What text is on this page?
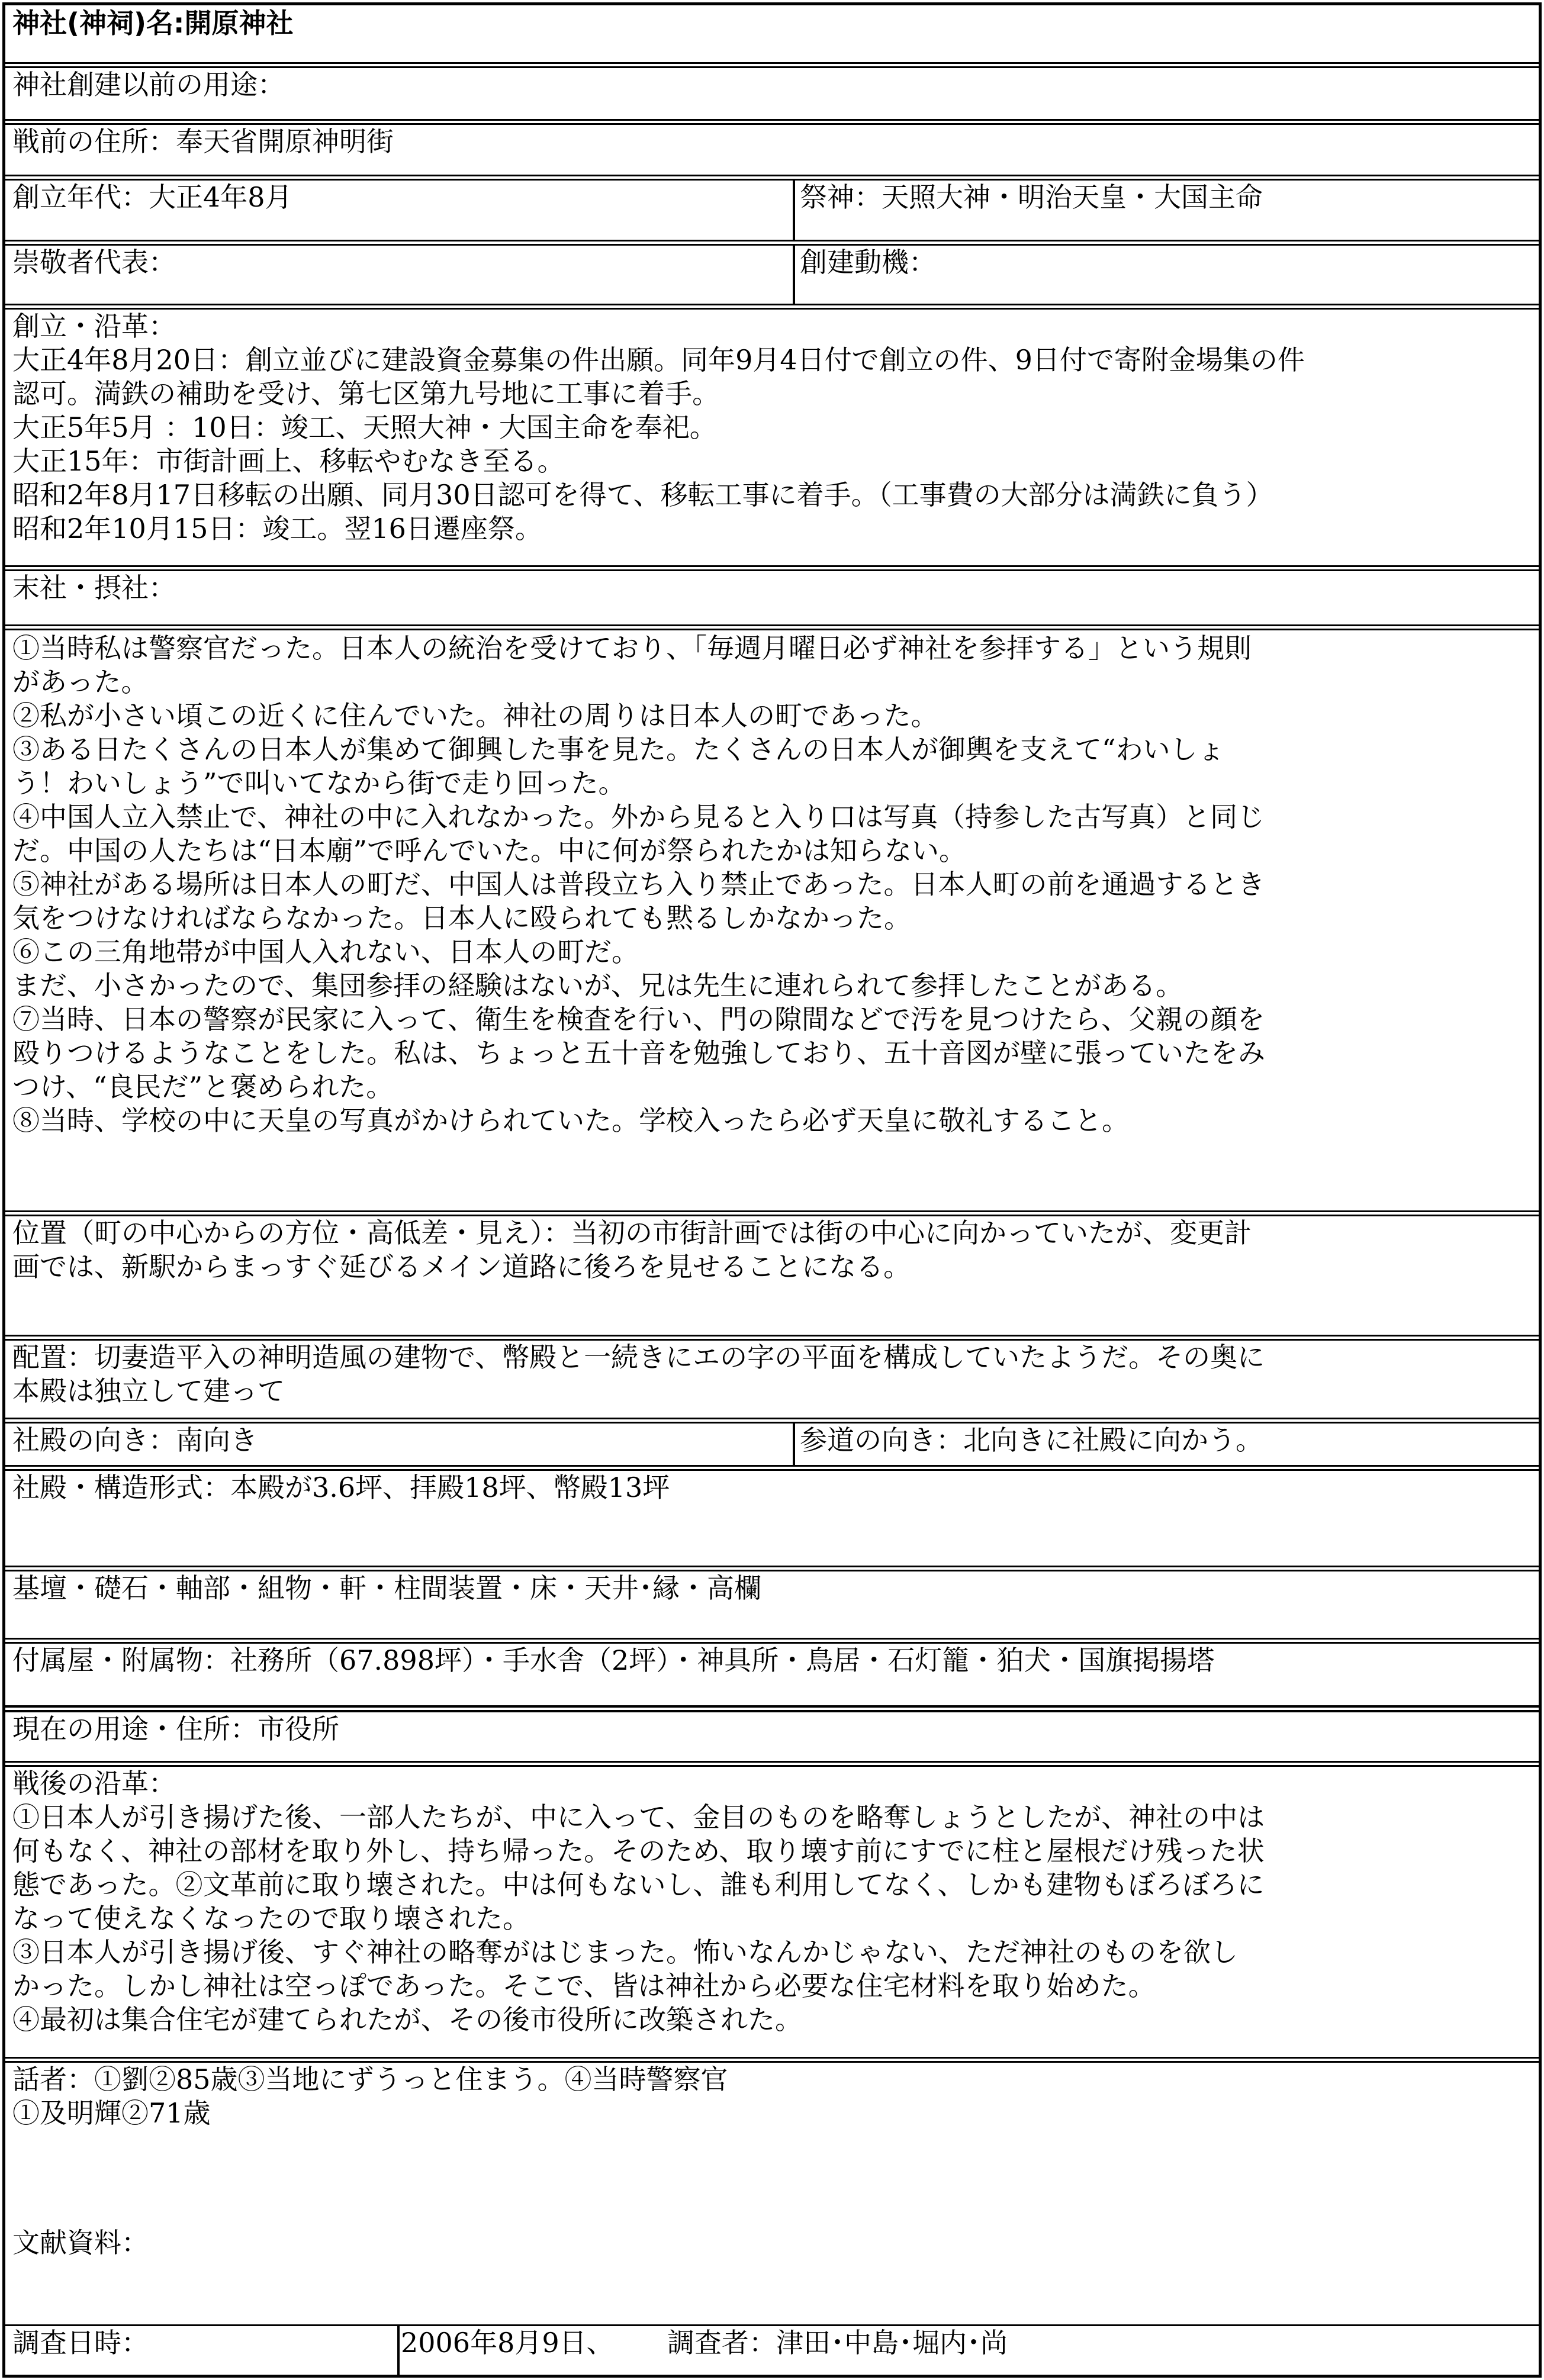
神社(神祠)名:開原神社
神社創建以前の用途：
戦前の住所：奉天省開原神明街
創立年代：大正4年8月	祭神：天照大神・明治天皇・大国主命
崇敬者代表：	創建動機：
創立・沿革：
大正4年8月20日：創立並びに建設資金募集の件出願。同年9月4日付で創立の件、9日付で寄附金場集の件
認可。満鉄の補助を受け、第七区第九号地に工事に着手。
大正5年5月 ：10日：竣工、天照大神・大国主命を奉祀。
大正15年：市街計画上、移転やむなき至る。
昭和2年8月17日移転の出願、同月30日認可を得て、移転工事に着手。（工事費の大部分は満鉄に負う）
昭和2年10月15日：竣工。翌16日遷座祭。
末社・摂社：
①当時私は警察官だった。日本人の統治を受けており、「毎週月曜日必ず神社を参拝する」という規則
があった。
②私が小さい頃この近くに住んでいた。神社の周りは日本人の町であった。
③ある日たくさんの日本人が集めて御興した事を見た。たくさんの日本人が御輿を支えて“わいしょ
う！わいしょう”で叫いてなから街で走り回った。
④中国人立入禁止で、神社の中に入れなかった。外から見ると入り口は写真（持参した古写真）と同じ
だ。中国の人たちは“日本廟”で呼んでいた。中に何が祭られたかは知らない。
⑤神社がある場所は日本人の町だ、中国人は普段立ち入り禁止であった。日本人町の前を通過するとき
気をつけなければならなかった。日本人に殴られても黙るしかなかった。
⑥この三角地帯が中国人入れない、日本人の町だ。
まだ、小さかったので、集団参拝の経験はないが、兄は先生に連れられて参拝したことがある。
⑦当時、日本の警察が民家に入って、衛生を検査を行い、門の隙間などで汚を見つけたら、父親の顔を
殴りつけるようなことをした。私は、ちょっと五十音を勉強しており、五十音図が壁に張っていたをみ
つけ、“良民だ”と褒められた。
⑧当時、学校の中に天皇の写真がかけられていた。学校入ったら必ず天皇に敬礼すること。
位置（町の中心からの方位・高低差・見え）：当初の市街計画では街の中心に向かっていたが、変更計
画では、新駅からまっすぐ延びるメイン道路に後ろを見せることになる。
配置：切妻造平入の神明造風の建物で、幣殿と一続きにエの字の平面を構成していたようだ。その奥に
本殿は独立して建って
社殿の向き：南向き	参道の向き：北向きに社殿に向かう。
社殿・構造形式：本殿が3.6坪、拝殿18坪、幣殿13坪
基壇・礎石・軸部・組物・軒・柱間装置・床・天井･縁・高欄
付属屋・附属物：社務所（67.898坪）・手水舎（2坪）・神具所・鳥居・石灯籠・狛犬・国旗掲揚塔
現在の用途・住所：市役所
戦後の沿革：
①日本人が引き揚げた後、一部人たちが、中に入って、金目のものを略奪しょうとしたが、神社の中は
何もなく、神社の部材を取り外し、持ち帰った。そのため、取り壊す前にすでに柱と屋根だけ残った状
態であった。②文革前に取り壊された。中は何もないし、誰も利用してなく、しかも建物もぼろぼろに
なって使えなくなったので取り壊された。
③日本人が引き揚げ後、すぐ神社の略奪がはじまった。怖いなんかじゃない、ただ神社のものを欲し
かった。しかし神社は空っぽであった。そこで、皆は神社から必要な住宅材料を取り始めた。
④最初は集合住宅が建てられたが、その後市役所に改築された。
話者：①劉②85歳③当地にずうっと住まう。④当時警察官
①及明輝②71歳
文献資料：
調査日時：	2006年8月9日、 調査者：津田･中島･堀内･尚
